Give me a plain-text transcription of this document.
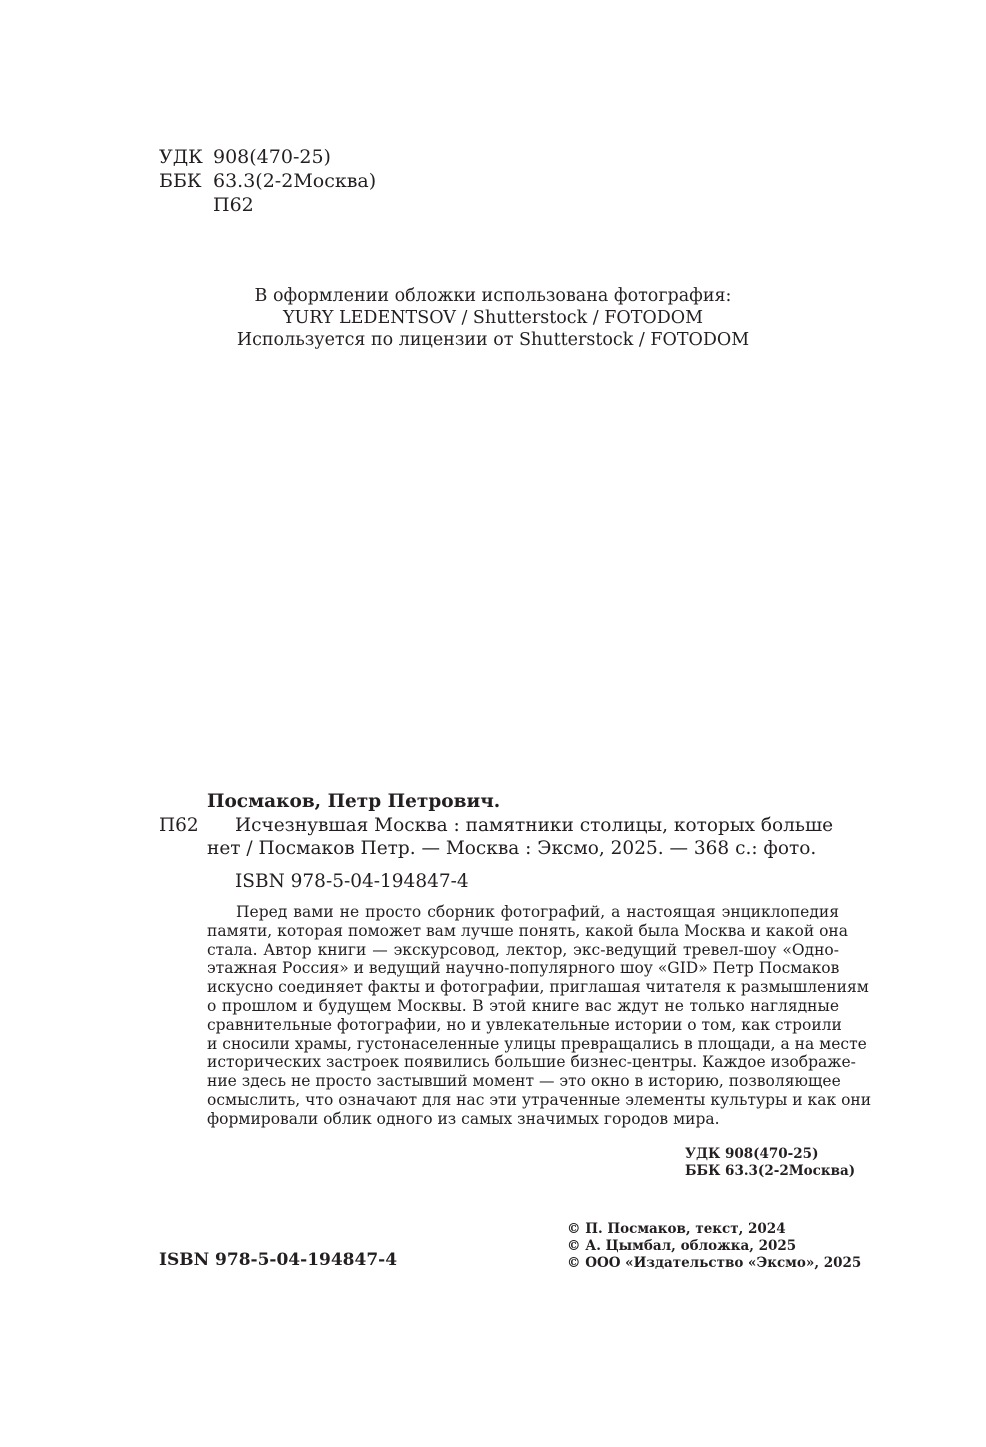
УДК 908(470-25)
ББК 63.3(2-2Москва)
П62
В оформлении обложки использована фотография:
YURY LEDENTSOV / Shutterstock / FOTODOM
Используется по лицензии от Shutterstock / FOTODOM
Посмаков, Петр Петрович.
П62 Исчезнувшая Москва : памятники столицы, которых больше
нет / Посмаков Петр. — Москва : Эксмо, 2025. — 368 с.: фото.
ISBN 978-5-04-194847-4
Перед вами не просто сборник фотографий, а настоящая энциклопедия
памяти, которая поможет вам лучше понять, какой была Москва и какой она
стала. Автор книги — экскурсовод, лектор, экс-ведущий тревел-шоу «Одно-
этажная Россия» и ведущий научно-популярного шоу «GID» Петр Посмаков
искусно соединяет факты и фотографии, приглашая читателя к размышлениям
о прошлом и будущем Москвы. В этой книге вас ждут не только наглядные
сравнительные фотографии, но и увлекательные истории о том, как строили
и сносили храмы, густонаселенные улицы превращались в площади, а на месте
исторических застроек появились большие бизнес-центры. Каждое изображе-
ние здесь не просто застывший момент — это окно в историю, позволяющее
осмыслить, что означают для нас эти утраченные элементы культуры и как они
формировали облик одного из самых значимых городов мира.
УДК 908(470-25)
ББК 63.3(2-2Москва)
ISBN 978-5-04-194847-4
© П. Посмаков, текст, 2024
© А. Цымбал, обложка, 2025
© ООО «Издательство «Эксмо», 2025
